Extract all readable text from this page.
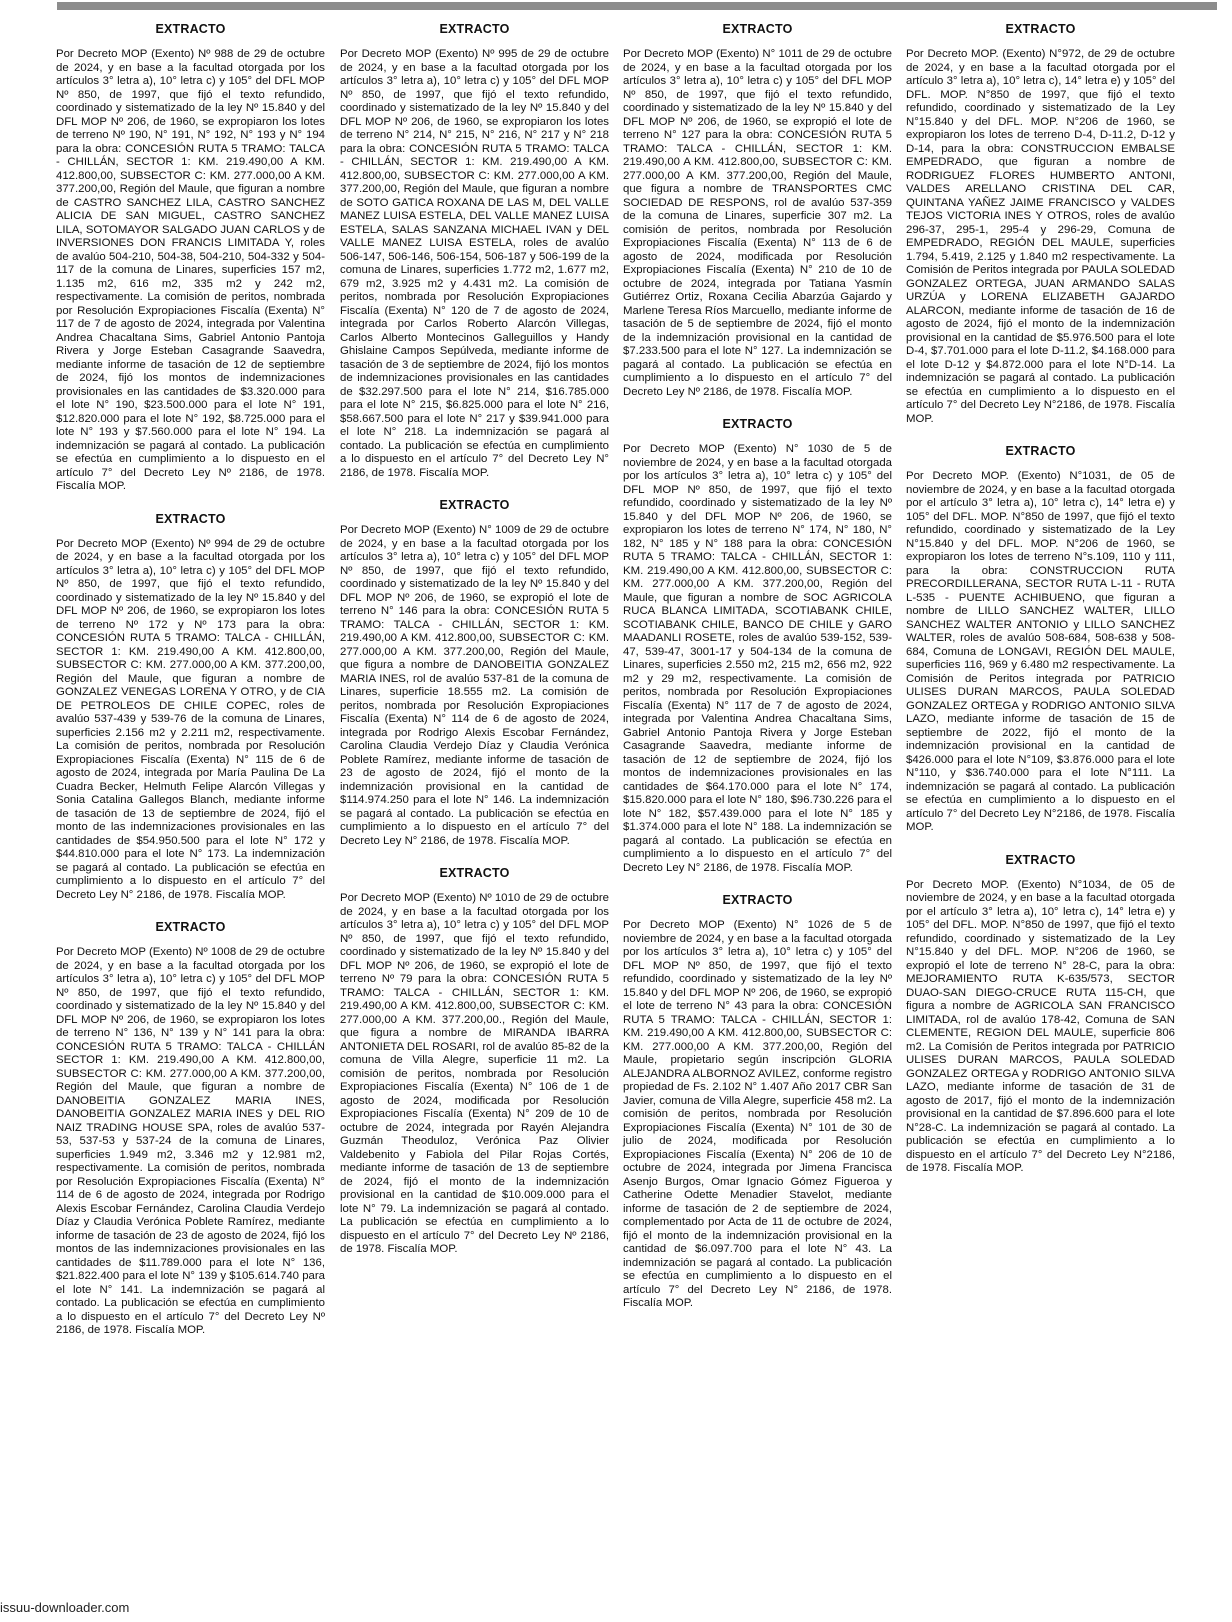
EXTRACTO

Por Decreto MOP (Exento) Nº 988 de 29 de octubre de 2024, y en base a la facultad otorgada por los artículos 3° letra a), 10° letra c) y 105° del DFL MOP Nº 850, de 1997, que fijó el texto refundido, coordinado y sistematizado de la ley Nº 15.840 y del DFL MOP Nº 206, de 1960, se expropiaron los lotes de terreno Nº 190, N° 191, N° 192, N° 193 y N° 194 para la obra: CONCESIÓN RUTA 5 TRAMO: TALCA - CHILLÁN, SECTOR 1: KM. 219.490,00 A KM. 412.800,00, SUBSECTOR C: KM. 277.000,00 A KM. 377.200,00, Región del Maule, que figuran a nombre de CASTRO SANCHEZ LILA, CASTRO SANCHEZ ALICIA DE SAN MIGUEL, CASTRO SANCHEZ LILA, SOTOMAYOR SALGADO JUAN CARLOS y de INVERSIONES DON FRANCIS LIMITADA Y, roles de avalúo 504-210, 504-38, 504-210, 504-332 y 504-117 de la comuna de Linares, superficies 157 m2, 1.135 m2, 616 m2, 335 m2 y 242 m2, respectivamente. La comisión de peritos, nombrada por Resolución Expropiaciones Fiscalía (Exenta) N° 117 de 7 de agosto de 2024, integrada por Valentina Andrea Chacaltana Sims, Gabriel Antonio Pantoja Rivera y Jorge Esteban Casagrande Saavedra, mediante informe de tasación de 12 de septiembre de 2024, fijó los montos de indemnizaciones provisionales en las cantidades de $3.320.000 para el lote N° 190, $23.500.000 para el lote N° 191, $12.820.000 para el lote N° 192, $8.725.000 para el lote N° 193 y $7.560.000 para el lote N° 194. La indemnización se pagará al contado. La publicación se efectúa en cumplimiento a lo dispuesto en el artículo 7° del Decreto Ley Nº 2186, de 1978. Fiscalía MOP.

EXTRACTO

Por Decreto MOP (Exento) Nº 994 de 29 de octubre de 2024, y en base a la facultad otorgada por los artículos 3° letra a), 10° letra c) y 105° del DFL MOP Nº 850, de 1997, que fijó el texto refundido, coordinado y sistematizado de la ley Nº 15.840 y del DFL MOP Nº 206, de 1960, se expropiaron los lotes de terreno Nº 172 y Nº 173 para la obra: CONCESIÓN RUTA 5 TRAMO: TALCA - CHILLÁN, SECTOR 1: KM. 219.490,00 A KM. 412.800,00, SUBSECTOR C: KM. 277.000,00 A KM. 377.200,00, Región del Maule, que figuran a nombre de GONZALEZ VENEGAS LORENA Y OTRO, y de CIA DE PETROLEOS DE CHILE COPEC, roles de avalúo 537-439 y 539-76 de la comuna de Linares, superficies 2.156 m2 y 2.211 m2, respectivamente. La comisión de peritos, nombrada por Resolución Expropiaciones Fiscalía (Exenta) N° 115 de 6 de agosto de 2024, integrada por María Paulina De La Cuadra Becker, Helmuth Felipe Alarcón Villegas y Sonia Catalina Gallegos Blanch, mediante informe de tasación de 13 de septiembre de 2024, fijó el monto de las indemnizaciones provisionales en las cantidades de $54.950.500 para el lote N° 172 y $44.810.000 para el lote N° 173. La indemnización se pagará al contado. La publicación se efectúa en cumplimiento a lo dispuesto en el artículo 7° del Decreto Ley N° 2186, de 1978. Fiscalía MOP.

EXTRACTO

Por Decreto MOP (Exento) Nº 1008 de 29 de octubre de 2024, y en base a la facultad otorgada por los artículos 3° letra a), 10° letra c) y 105° del DFL MOP Nº 850, de 1997, que fijó el texto refundido, coordinado y sistematizado de la ley Nº 15.840 y del DFL MOP Nº 206, de 1960, se expropiaron los lotes de terreno N° 136, N° 139 y N° 141 para la obra: CONCESIÓN RUTA 5 TRAMO: TALCA - CHILLÁN SECTOR 1: KM. 219.490,00 A KM. 412.800,00, SUBSECTOR C: KM. 277.000,00 A KM. 377.200,00, Región del Maule, que figuran a nombre de DANOBEITIA GONZALEZ MARIA INES, DANOBEITIA GONZALEZ MARIA INES y DEL RIO NAIZ TRADING HOUSE SPA, roles de avalúo 537-53, 537-53 y 537-24 de la comuna de Linares, superficies 1.949 m2, 3.346 m2 y 12.981 m2, respectivamente. La comisión de peritos, nombrada por Resolución Expropiaciones Fiscalía (Exenta) N° 114 de 6 de agosto de 2024, integrada por Rodrigo Alexis Escobar Fernández, Carolina Claudia Verdejo Díaz y Claudia Verónica Poblete Ramírez, mediante informe de tasación de 23 de agosto de 2024, fijó los montos de las indemnizaciones provisionales en las cantidades de $11.789.000 para el lote N° 136, $21.822.400 para el lote N° 139 y $105.614.740 para el lote N° 141. La indemnización se pagará al contado. La publicación se efectúa en cumplimiento a lo dispuesto en el artículo 7° del Decreto Ley Nº 2186, de 1978. Fiscalía MOP.

EXTRACTO

Por Decreto MOP (Exento) Nº 995 de 29 de octubre de 2024, y en base a la facultad otorgada por los artículos 3° letra a), 10° letra c) y 105° del DFL MOP Nº 850, de 1997, que fijó el texto refundido, coordinado y sistematizado de la ley Nº 15.840 y del DFL MOP Nº 206, de 1960, se expropiaron los lotes de terreno N° 214, N° 215, N° 216, N° 217 y N° 218 para la obra: CONCESIÓN RUTA 5 TRAMO: TALCA - CHILLÁN, SECTOR 1: KM. 219.490,00 A KM. 412.800,00, SUBSECTOR C: KM. 277.000,00 A KM. 377.200,00, Región del Maule, que figuran a nombre de SOTO GATICA ROXANA DE LAS M, DEL VALLE MANEZ LUISA ESTELA, DEL VALLE MANEZ LUISA ESTELA, SALAS SANZANA MICHAEL IVAN y DEL VALLE MANEZ LUISA ESTELA, roles de avalúo 506-147, 506-146, 506-154, 506-187 y 506-199 de la comuna de Linares, superficies 1.772 m2, 1.677 m2, 679 m2, 3.925 m2 y 4.431 m2. La comisión de peritos, nombrada por Resolución Expropiaciones Fiscalía (Exenta) N° 120 de 7 de agosto de 2024, integrada por Carlos Roberto Alarcón Villegas, Carlos Alberto Montecinos Galleguillos y Handy Ghislaine Campos Sepúlveda, mediante informe de tasación de 3 de septiembre de 2024, fijó los montos de indemnizaciones provisionales en las cantidades de $32.297.500 para el lote N° 214, $16.785.000 para el lote N° 215, $6.825.000 para el lote N° 216, $58.667.500 para el lote N° 217 y $39.941.000 para el lote N° 218. La indemnización se pagará al contado. La publicación se efectúa en cumplimiento a lo dispuesto en el artículo 7° del Decreto Ley N° 2186, de 1978. Fiscalía MOP.

EXTRACTO

Por Decreto MOP (Exento) N° 1009 de 29 de octubre de 2024, y en base a la facultad otorgada por los artículos 3° letra a), 10° letra c) y 105° del DFL MOP Nº 850, de 1997, que fijó el texto refundido, coordinado y sistematizado de la ley Nº 15.840 y del DFL MOP Nº 206, de 1960, se expropió el lote de terreno N° 146 para la obra: CONCESIÓN RUTA 5 TRAMO: TALCA - CHILLÁN, SECTOR 1: KM. 219.490,00 A KM. 412.800,00, SUBSECTOR C: KM. 277.000,00 A KM. 377.200,00, Región del Maule, que figura a nombre de DANOBEITIA GONZALEZ MARIA INES, rol de avalúo 537-81 de la comuna de Linares, superficie 18.555 m2. La comisión de peritos, nombrada por Resolución Expropiaciones Fiscalía (Exenta) N° 114 de 6 de agosto de 2024, integrada por Rodrigo Alexis Escobar Fernández, Carolina Claudia Verdejo Díaz y Claudia Verónica Poblete Ramírez, mediante informe de tasación de 23 de agosto de 2024, fijó el monto de la indemnización provisional en la cantidad de $114.974.250 para el lote N° 146. La indemnización se pagará al contado. La publicación se efectúa en cumplimiento a lo dispuesto en el artículo 7° del Decreto Ley N° 2186, de 1978. Fiscalía MOP.

EXTRACTO

Por Decreto MOP (Exento) Nº 1010 de 29 de octubre de 2024, y en base a la facultad otorgada por los artículos 3° letra a), 10° letra c) y 105° del DFL MOP Nº 850, de 1997, que fijó el texto refundido, coordinado y sistematizado de la ley Nº 15.840 y del DFL MOP Nº 206, de 1960, se expropió el lote de terreno Nº 79 para la obra: CONCESIÓN RUTA 5 TRAMO: TALCA - CHILLÁN, SECTOR 1: KM. 219.490,00 A KM. 412.800,00, SUBSECTOR C: KM. 277.000,00 A KM. 377.200,00., Región del Maule, que figura a nombre de MIRANDA IBARRA ANTONIETA DEL ROSARI, rol de avalúo 85-82 de la comuna de Villa Alegre, superficie 11 m2. La comisión de peritos, nombrada por Resolución Expropiaciones Fiscalía (Exenta) N° 106 de 1 de agosto de 2024, modificada por Resolución Expropiaciones Fiscalía (Exenta) N° 209 de 10 de octubre de 2024, integrada por Rayén Alejandra Guzmán Theoduloz, Verónica Paz Olivier Valdebenito y Fabiola del Pilar Rojas Cortés, mediante informe de tasación de 13 de septiembre de 2024, fijó el monto de la indemnización provisional en la cantidad de $10.009.000 para el lote N° 79. La indemnización se pagará al contado. La publicación se efectúa en cumplimiento a lo dispuesto en el artículo 7° del Decreto Ley Nº 2186, de 1978. Fiscalía MOP.

EXTRACTO

Por Decreto MOP (Exento) N° 1011 de 29 de octubre de 2024, y en base a la facultad otorgada por los artículos 3° letra a), 10° letra c) y 105° del DFL MOP Nº 850, de 1997, que fijó el texto refundido, coordinado y sistematizado de la ley Nº 15.840 y del DFL MOP Nº 206, de 1960, se expropió el lote de terreno N° 127 para la obra: CONCESIÓN RUTA 5 TRAMO: TALCA - CHILLÁN, SECTOR 1: KM. 219.490,00 A KM. 412.800,00, SUBSECTOR C: KM. 277.000,00 A KM. 377.200,00, Región del Maule, que figura a nombre de TRANSPORTES CMC SOCIEDAD DE RESPONS, rol de avalúo 537-359 de la comuna de Linares, superficie 307 m2. La comisión de peritos, nombrada por Resolución Expropiaciones Fiscalía (Exenta) N° 113 de 6 de agosto de 2024, modificada por Resolución Expropiaciones Fiscalía (Exenta) N° 210 de 10 de octubre de 2024, integrada por Tatiana Yasmín Gutiérrez Ortiz, Roxana Cecilia Abarzúa Gajardo y Marlene Teresa Ríos Marcuello, mediante informe de tasación de 5 de septiembre de 2024, fijó el monto de la indemnización provisional en la cantidad de $7.233.500 para el lote N° 127. La indemnización se pagará al contado. La publicación se efectúa en cumplimiento a lo dispuesto en el artículo 7° del Decreto Ley Nº 2186, de 1978. Fiscalía MOP.

EXTRACTO

Por Decreto MOP (Exento) N° 1030 de 5 de noviembre de 2024, y en base a la facultad otorgada por los artículos 3° letra a), 10° letra c) y 105° del DFL MOP Nº 850, de 1997, que fijó el texto refundido, coordinado y sistematizado de la ley Nº 15.840 y del DFL MOP Nº 206, de 1960, se expropiaron los lotes de terreno N° 174, N° 180, N° 182, N° 185 y N° 188 para la obra: CONCESIÓN RUTA 5 TRAMO: TALCA - CHILLÁN, SECTOR 1: KM. 219.490,00 A KM. 412.800,00, SUBSECTOR C: KM. 277.000,00 A KM. 377.200,00, Región del Maule, que figuran a nombre de SOC AGRICOLA RUCA BLANCA LIMITADA, SCOTIABANK CHILE, SCOTIABANK CHILE, BANCO DE CHILE y GARO MAADANLI ROSETE, roles de avalúo 539-152, 539-47, 539-47, 3001-17 y 504-134 de la comuna de Linares, superficies 2.550 m2, 215 m2, 656 m2, 922 m2 y 29 m2, respectivamente. La comisión de peritos, nombrada por Resolución Expropiaciones Fiscalía (Exenta) N° 117 de 7 de agosto de 2024, integrada por Valentina Andrea Chacaltana Sims, Gabriel Antonio Pantoja Rivera y Jorge Esteban Casagrande Saavedra, mediante informe de tasación de 12 de septiembre de 2024, fijó los montos de indemnizaciones provisionales en las cantidades de $64.170.000 para el lote N° 174, $15.820.000 para el lote N° 180, $96.730.226 para el lote N° 182, $57.439.000 para el lote N° 185 y $1.374.000 para el lote N° 188. La indemnización se pagará al contado. La publicación se efectúa en cumplimiento a lo dispuesto en el artículo 7° del Decreto Ley N° 2186, de 1978. Fiscalía MOP.

EXTRACTO

Por Decreto MOP (Exento) N° 1026 de 5 de noviembre de 2024, y en base a la facultad otorgada por los artículos 3° letra a), 10° letra c) y 105° del DFL MOP Nº 850, de 1997, que fijó el texto refundido, coordinado y sistematizado de la ley Nº 15.840 y del DFL MOP Nº 206, de 1960, se expropió el lote de terreno N° 43 para la obra: CONCESIÓN RUTA 5 TRAMO: TALCA - CHILLÁN, SECTOR 1: KM. 219.490,00 A KM. 412.800,00, SUBSECTOR C: KM. 277.000,00 A KM. 377.200,00, Región del Maule, propietario según inscripción GLORIA ALEJANDRA ALBORNOZ AVILEZ, conforme registro propiedad de Fs. 2.102 N° 1.407 Año 2017 CBR San Javier, comuna de Villa Alegre, superficie 458 m2. La comisión de peritos, nombrada por Resolución Expropiaciones Fiscalía (Exenta) N° 101 de 30 de julio de 2024, modificada por Resolución Expropiaciones Fiscalía (Exenta) N° 206 de 10 de octubre de 2024, integrada por Jimena Francisca Asenjo Burgos, Omar Ignacio Gómez Figueroa y Catherine Odette Menadier Stavelot, mediante informe de tasación de 2 de septiembre de 2024, complementado por Acta de 11 de octubre de 2024, fijó el monto de la indemnización provisional en la cantidad de $6.097.700 para el lote N° 43. La indemnización se pagará al contado. La publicación se efectúa en cumplimiento a lo dispuesto en el artículo 7° del Decreto Ley N° 2186, de 1978. Fiscalía MOP.

EXTRACTO

Por Decreto MOP. (Exento) N°972, de 29 de octubre de 2024, y en base a la facultad otorgada por el artículo 3° letra a), 10° letra c), 14° letra e) y 105° del DFL. MOP. N°850 de 1997, que fijó el texto refundido, coordinado y sistematizado de la Ley N°15.840 y del DFL. MOP. N°206 de 1960, se expropiaron los lotes de terreno D-4, D-11.2, D-12 y D-14, para la obra: CONSTRUCCION EMBALSE EMPEDRADO, que figuran a nombre de RODRIGUEZ FLORES HUMBERTO ANTONI, VALDES ARELLANO CRISTINA DEL CAR, QUINTANA YAÑEZ JAIME FRANCISCO y VALDES TEJOS VICTORIA INES Y OTROS, roles de avalúo 296-37, 295-1, 295-4 y 296-29, Comuna de EMPEDRADO, REGIÓN DEL MAULE, superficies 1.794, 5.419, 2.125 y 1.840 m2 respectivamente. La Comisión de Peritos integrada por PAULA SOLEDAD GONZALEZ ORTEGA, JUAN ARMANDO SALAS URZÚA y LORENA ELIZABETH GAJARDO ALARCON, mediante informe de tasación de 16 de agosto de 2024, fijó el monto de la indemnización provisional en la cantidad de $5.976.500 para el lote D-4, $7.701.000 para el lote D-11.2, $4.168.000 para el lote D-12 y $4.872.000 para el lote N°D-14. La indemnización se pagará al contado. La publicación se efectúa en cumplimiento a lo dispuesto en el artículo 7° del Decreto Ley N°2186, de 1978. Fiscalía MOP.

EXTRACTO

Por Decreto MOP. (Exento) N°1031, de 05 de noviembre de 2024, y en base a la facultad otorgada por el artículo 3° letra a), 10° letra c), 14° letra e) y 105° del DFL. MOP. N°850 de 1997, que fijó el texto refundido, coordinado y sistematizado de la Ley N°15.840 y del DFL. MOP. N°206 de 1960, se expropiaron los lotes de terreno N°s.109, 110 y 111, para la obra: CONSTRUCCION RUTA PRECORDILLERANA, SECTOR RUTA L-11 - RUTA L-535 - PUENTE ACHIBUENO, que figuran a nombre de LILLO SANCHEZ WALTER, LILLO SANCHEZ WALTER ANTONIO y LILLO SANCHEZ WALTER, roles de avalúo 508-684, 508-638 y 508-684, Comuna de LONGAVI, REGIÓN DEL MAULE, superficies 116, 969 y 6.480 m2 respectivamente. La Comisión de Peritos integrada por PATRICIO ULISES DURAN MARCOS, PAULA SOLEDAD GONZALEZ ORTEGA y RODRIGO ANTONIO SILVA LAZO, mediante informe de tasación de 15 de septiembre de 2022, fijó el monto de la indemnización provisional en la cantidad de $426.000 para el lote N°109, $3.876.000 para el lote N°110, y $36.740.000 para el lote N°111. La indemnización se pagará al contado. La publicación se efectúa en cumplimiento a lo dispuesto en el artículo 7° del Decreto Ley N°2186, de 1978. Fiscalía MOP.

EXTRACTO

Por Decreto MOP. (Exento) N°1034, de 05 de noviembre de 2024, y en base a la facultad otorgada por el artículo 3° letra a), 10° letra c), 14° letra e) y 105° del DFL. MOP. N°850 de 1997, que fijó el texto refundido, coordinado y sistematizado de la Ley N°15.840 y del DFL. MOP. N°206 de 1960, se expropió el lote de terreno N° 28-C, para la obra: MEJORAMIENTO RUTA K-635/573, SECTOR DUAO-SAN DIEGO-CRUCE RUTA 115-CH, que figura a nombre de AGRICOLA SAN FRANCISCO LIMITADA, rol de avalúo 178-42, Comuna de SAN CLEMENTE, REGION DEL MAULE, superficie 806 m2. La Comisión de Peritos integrada por PATRICIO ULISES DURAN MARCOS, PAULA SOLEDAD GONZALEZ ORTEGA y RODRIGO ANTONIO SILVA LAZO, mediante informe de tasación de 31 de agosto de 2017, fijó el monto de la indemnización provisional en la cantidad de $7.896.600 para el lote N°28-C. La indemnización se pagará al contado. La publicación se efectúa en cumplimiento a lo dispuesto en el artículo 7° del Decreto Ley N°2186, de 1978. Fiscalía MOP.

issuu-downloader.com
